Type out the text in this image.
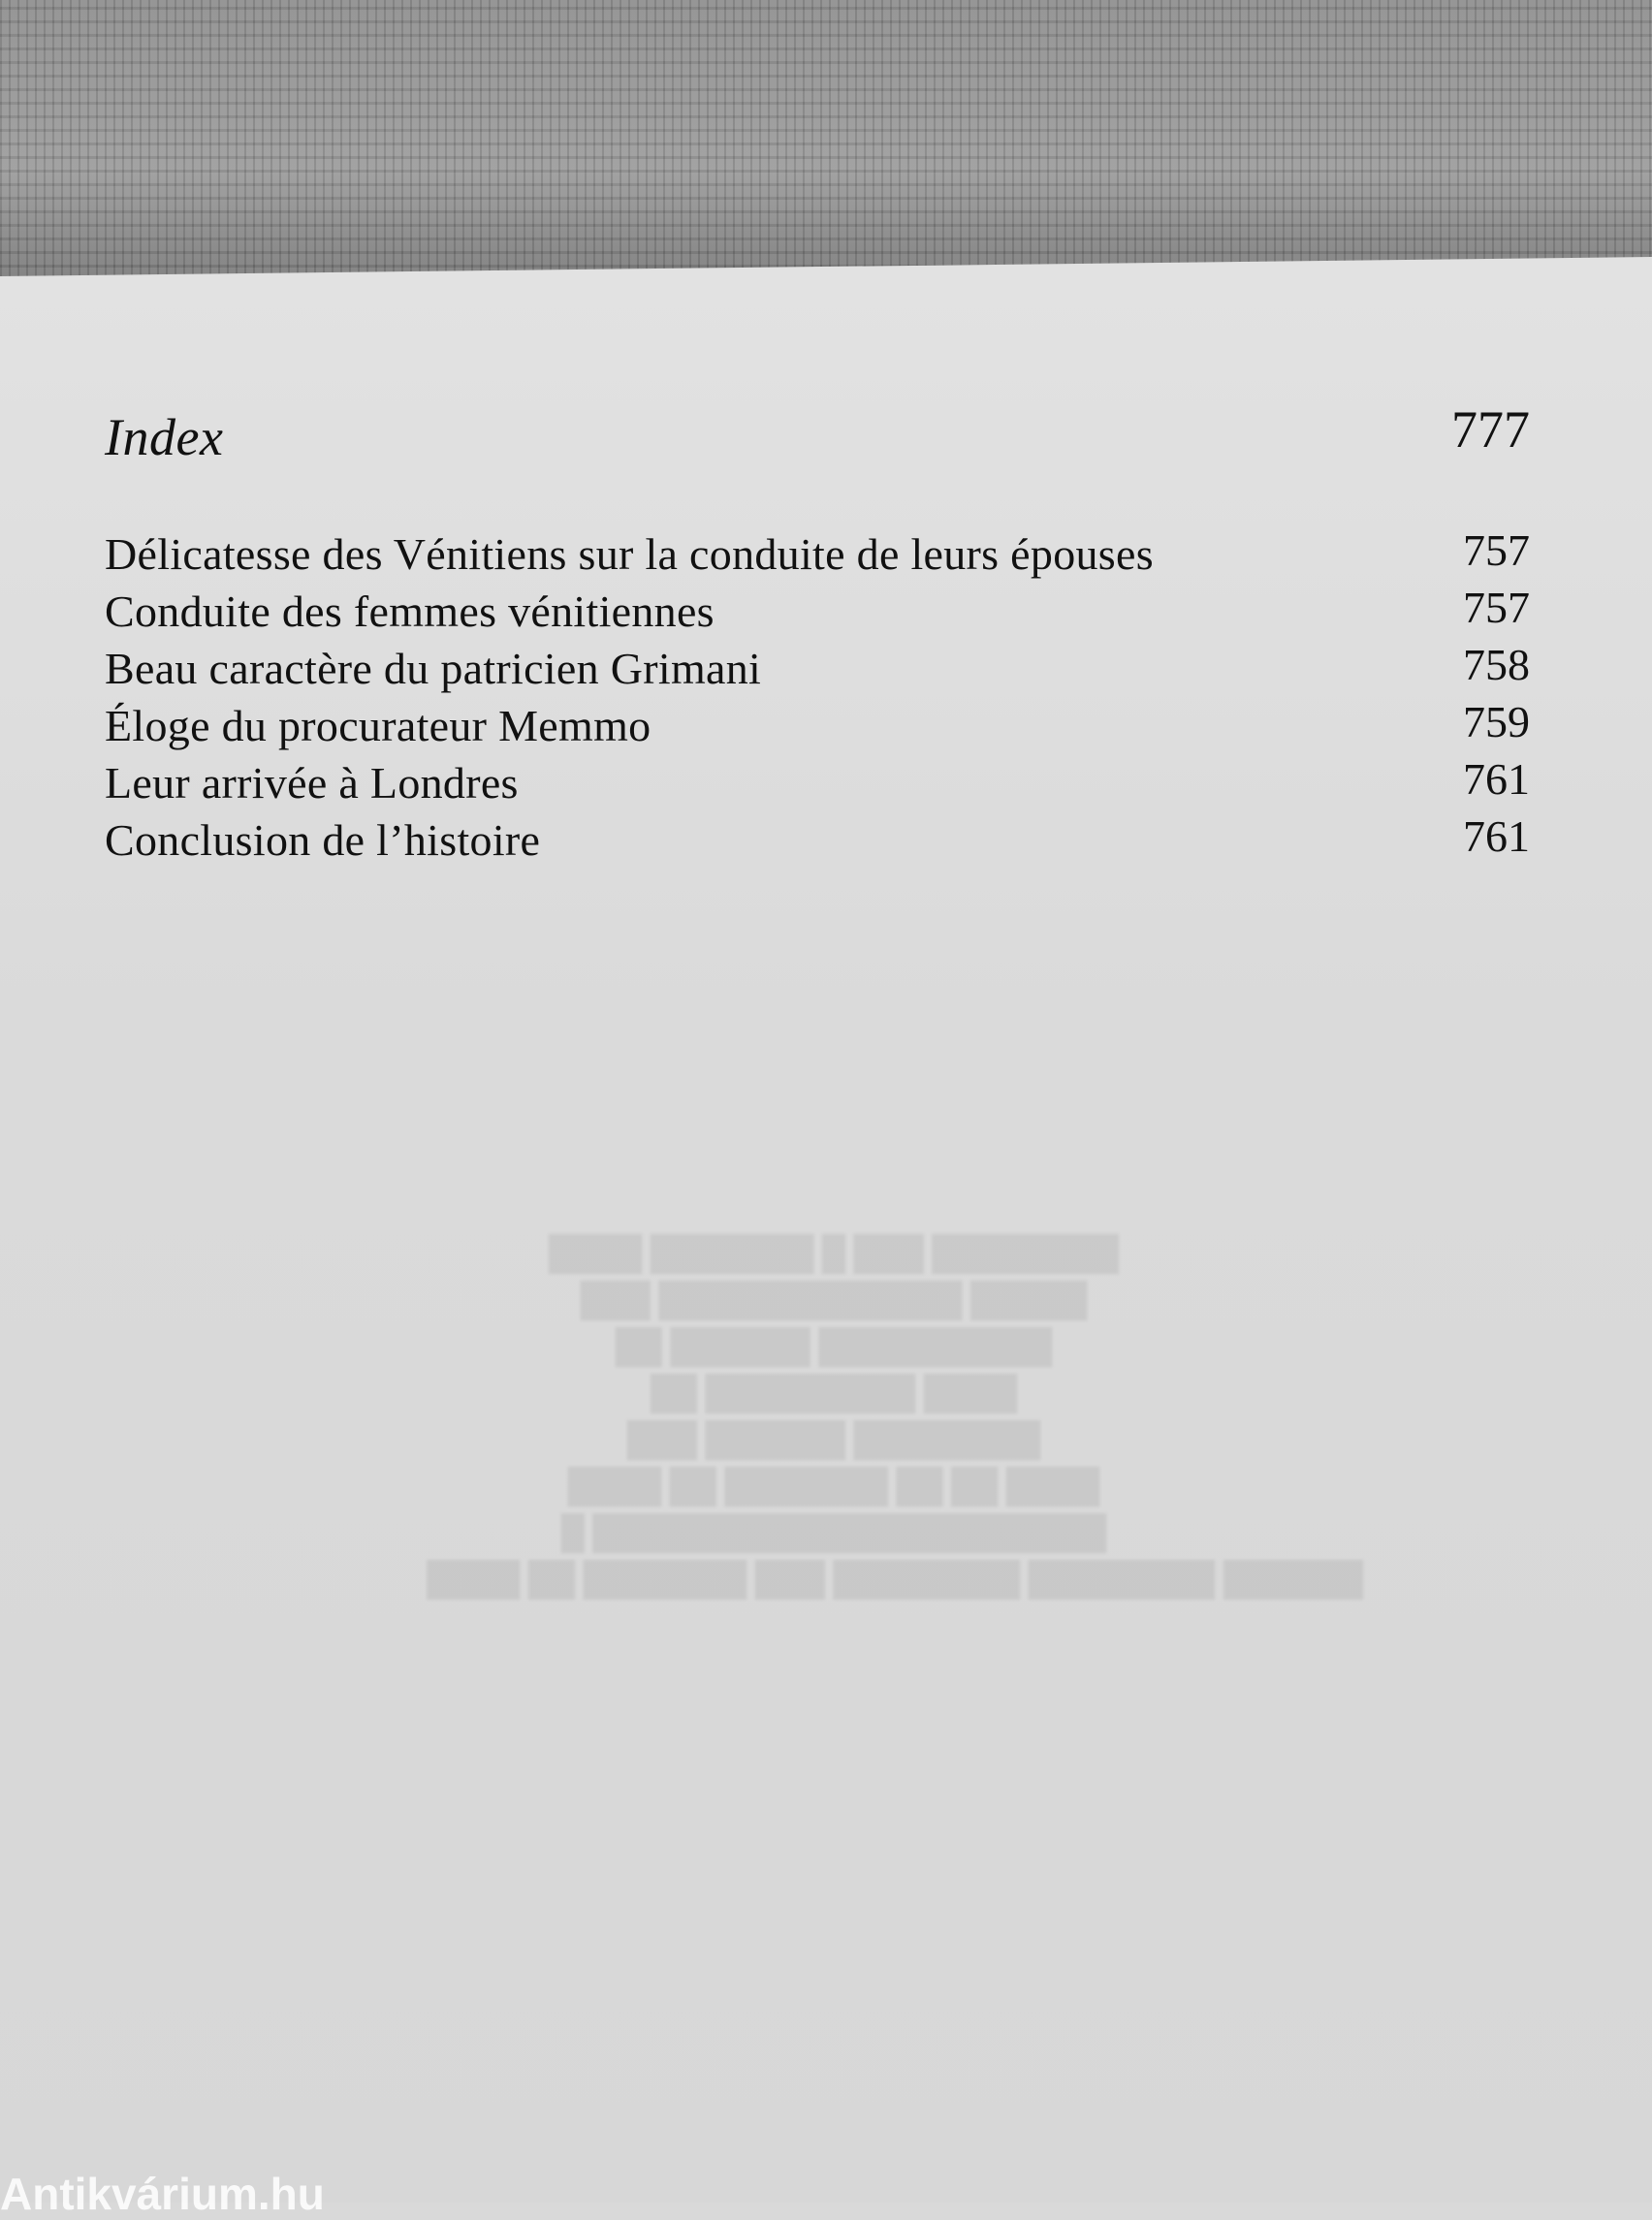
Index	777
Délicatesse des Vénitiens sur la conduite de leurs épouses	757
Conduite des femmes vénitiennes	757
Beau caractère du patricien Grimani	758
Éloge du procurateur Memmo	759
Leur arrivée à Londres	761
Conclusion de l’histoire	761
████ ███████ █ ███ ████████
███ █████████████ █████
██ ██████ ██████████
██ █████████ ████
███ ██████ ████████
████ ██ ███████ ██ ██ ████
█ ██████████████████████
████ ██ ███████ ███ ████████ ████████ ██████
Antikvárium.hu
